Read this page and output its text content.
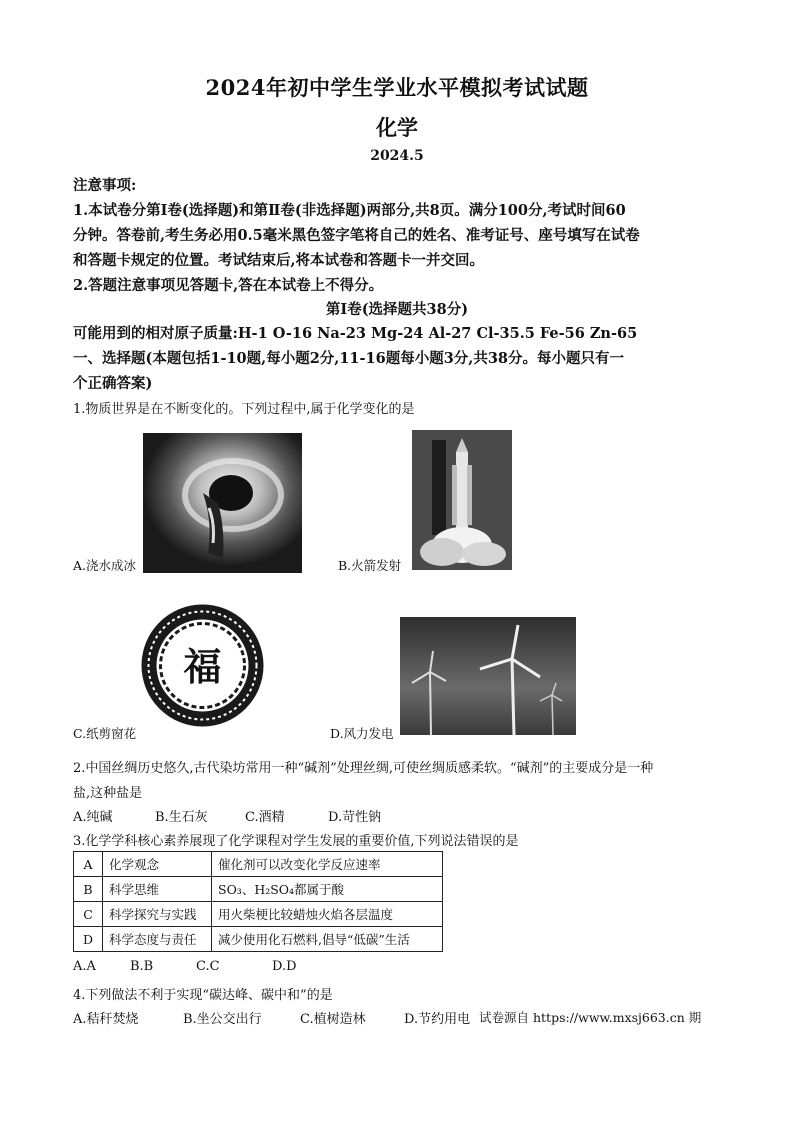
2024年初中学生学业水平模拟考试试题
化学
2024.5
注意事项:
1.本试卷分第Ⅰ卷(选择题)和第Ⅱ卷(非选择题)两部分,共8页。满分100分,考试时间60
分钟。答卷前,考生务必用0.5毫米黑色签字笔将自己的姓名、准考证号、座号填写在试卷
和答题卡规定的位置。考试结束后,将本试卷和答题卡一并交回。
2.答题注意事项见答题卡,答在本试卷上不得分。
第Ⅰ卷(选择题共38分)
可能用到的相对原子质量:H-1 O-16 Na-23 Mg-24 Al-27 Cl-35.5 Fe-56 Zn-65
一、选择题(本题包括1-10题,每小题2分,11-16题每小题3分,共38分。每小题只有一
个正确答案)
1.物质世界是在不断变化的。下列过程中,属于化学变化的是
A.浇水成冰	B.火箭发射
福
C.纸剪窗花	D.风力发电
2.中国丝绸历史悠久,古代染坊常用一种“碱剂”处理丝绸,可使丝绸质感柔软。“碱剂”的主要成分是一种
盐,这种盐是
A.纯碱	B.生石灰	C.酒精	D.苛性钠
3.化学学科核心素养展现了化学课程对学生发展的重要价值,下列说法错误的是
A	化学观念	催化剂可以改变化学反应速率
B	科学思维	SO₃、H₂SO₄都属于酸
C	科学探究与实践	用火柴梗比较蜡烛火焰各层温度
D	科学态度与责任	减少使用化石燃料,倡导“低碳”生活
A.A	B.B	C.C	D.D
4.下列做法不利于实现“碳达峰、碳中和”的是
A.秸秆焚烧	B.坐公交出行	C.植树造林	D.节约用电 试卷源自 https://www.mxsj663.cn 期
